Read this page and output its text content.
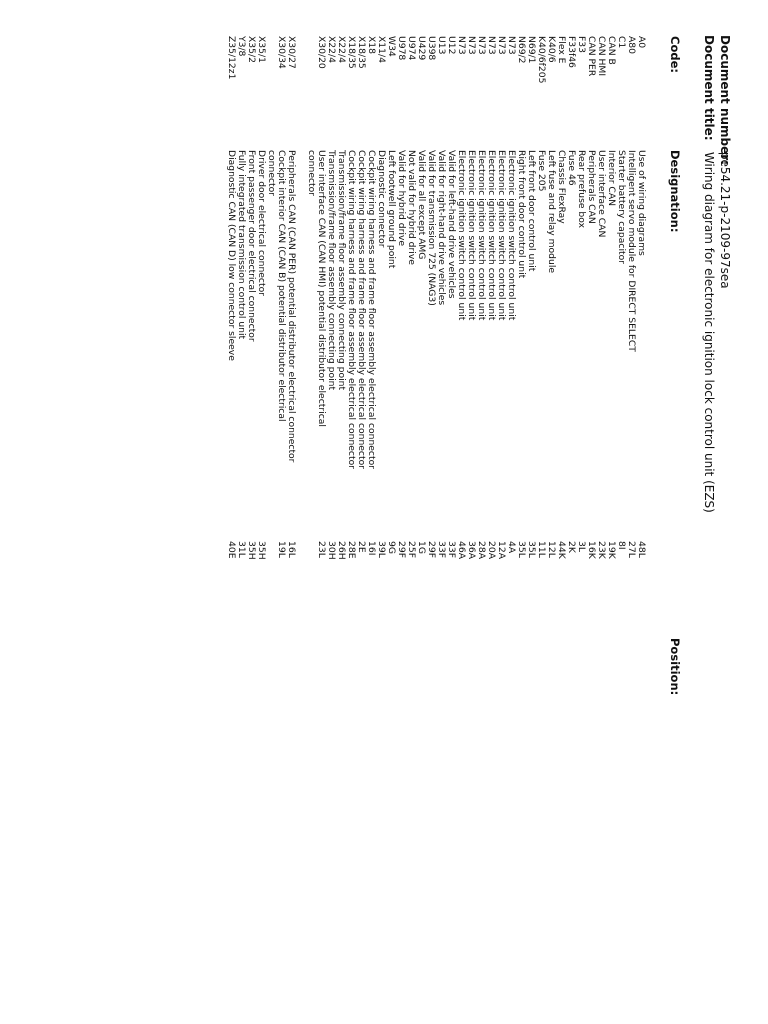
Document number: pe54.21-p-2109-97sea
Document title: Wiring diagram for electronic ignition lock control unit (EZS)
Code:
Designation:
Position:
A0
Use of wiring diagrams
48L
A80
Intelligent servo module for DIRECT SELECT
27L
C1
Starter battery capacitor
8I
CAN B
Interior CAN
19K
CAN HMI
User interface CAN
23K
CAN PER
Peripherals CAN
16K
F33
Rear prefuse box
3L
F33f46
Fuse 46
2K
Flex E
Chassis FlexRay
44K
K40/6
Left fuse and relay module
12L
K40/6f205
Fuse 205
11L
N69/1
Left front door control unit
35L
N69/2
Right front door control unit
35L
N73
Electronic ignition switch control unit
4A
N73
Electronic ignition switch control unit
12A
N73
Electronic ignition switch control unit
20A
N73
Electronic ignition switch control unit
28A
N73
Electronic ignition switch control unit
36A
N73
Electronic ignition switch control unit
46A
U12
Valid for left-hand drive vehicles
33F
U13
Valid for right-hand drive vehicles
33F
U398
Valid for transmission 725 (NAG3)
29F
U429
Valid for all except AMG
1G
U974
Not valid for hybrid drive
25F
U978
Valid for hybrid drive
29F
W34
Left footwell ground point
9G
X11/4
Diagnostic connector
39L
X18
Cockpit wiring harness and frame floor assembly electrical connector
16I
X18/35
Cockpit wiring harness and frame floor assembly electrical connector
2E
X18/35
Cockpit wiring harness and frame floor assembly electrical connector
28E
X22/4
Transmission/frame floor assembly connecting point
26H
X22/4
Transmission/frame floor assembly connecting point
30H
X30/20
User interface CAN (CAN HMI) potential distributor electrical
23L
connector
X30/27
Peripherals CAN (CAN PER) potential distributor electrical connector
16L
X30/34
Cockpit interior CAN (CAN B) potential distributor electrical
19L
connector
X35/1
Driver door electrical connector
35H
X35/2
Front passenger door electrical connector
35H
Y3/8
Fully integrated transmission control unit
31L
Z35/12z1
Diagnostic CAN (CAN D) low connector sleeve
40E
